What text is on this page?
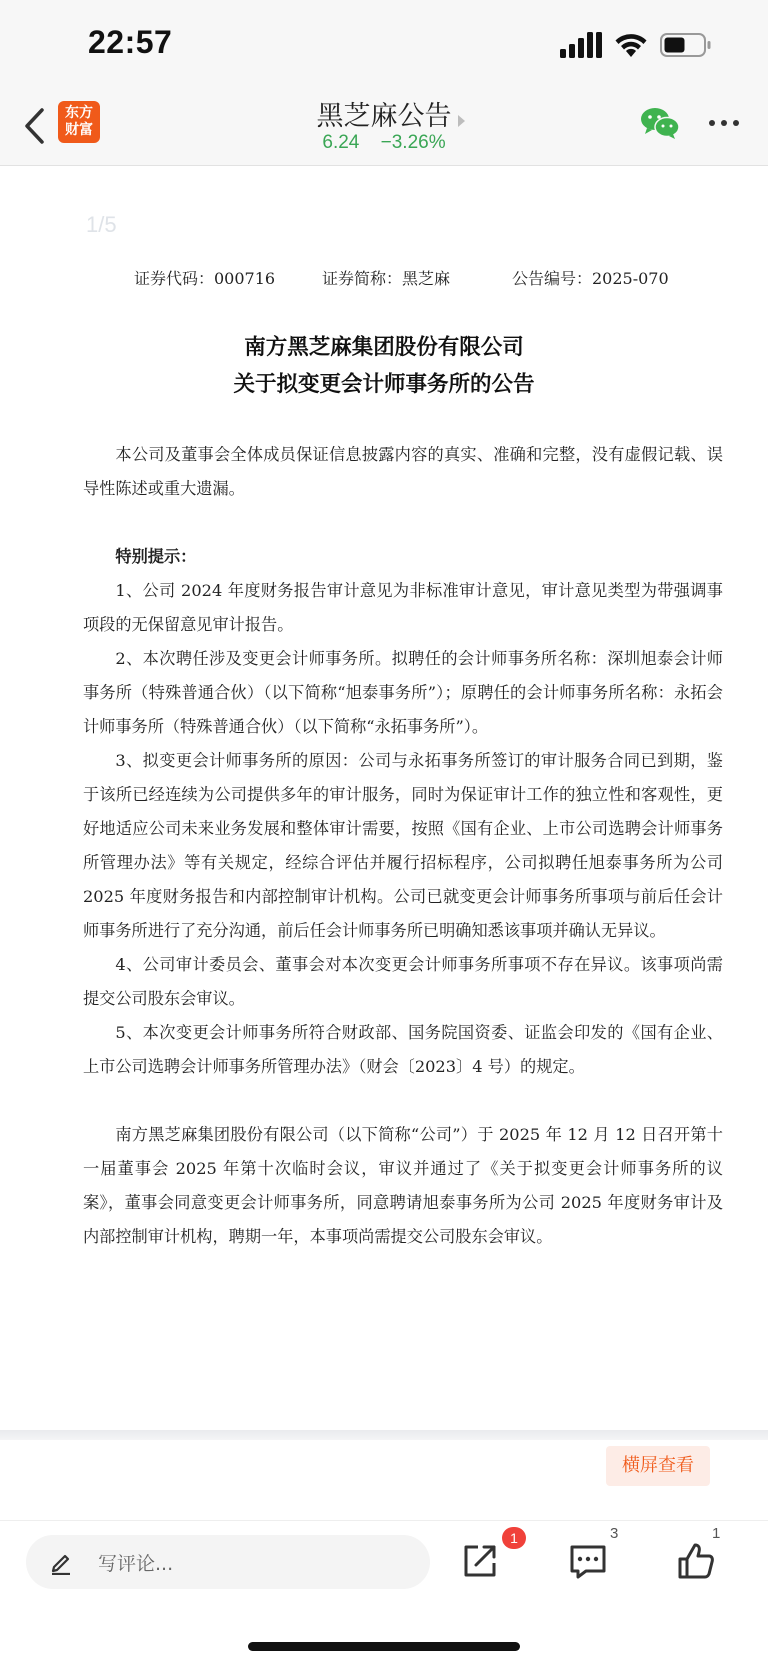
22:57
东方
财富	黑芝麻公告
6.24 −3.26%
1/5
证券代码：000716	证券简称：黑芝麻	公告编号：2025-070
南方黑芝麻集团股份有限公司
关于拟变更会计师事务所的公告

本公司及董事会全体成员保证信息披露内容的真实、准确和完整，没有虚假记载、误导性陈述或重大遗漏。

特别提示：

1、公司 2024 年度财务报告审计意见为非标准审计意见，审计意见类型为带强调事项段的无保留意见审计报告。

2、本次聘任涉及变更会计师事务所。拟聘任的会计师事务所名称：深圳旭泰会计师事务所（特殊普通合伙）（以下简称“旭泰事务所”）；原聘任的会计师事务所名称：永拓会计师事务所（特殊普通合伙）（以下简称“永拓事务所”）。

3、拟变更会计师事务所的原因：公司与永拓事务所签订的审计服务合同已到期，鉴于该所已经连续为公司提供多年的审计服务，同时为保证审计工作的独立性和客观性，更好地适应公司未来业务发展和整体审计需要，按照《国有企业、上市公司选聘会计师事务所管理办法》等有关规定，经综合评估并履行招标程序，公司拟聘任旭泰事务所为公司 2025 年度财务报告和内部控制审计机构。公司已就变更会计师事务所事项与前后任会计师事务所进行了充分沟通，前后任会计师事务所已明确知悉该事项并确认无异议。

4、公司审计委员会、董事会对本次变更会计师事务所事项不存在异议。该事项尚需提交公司股东会审议。

5、本次变更会计师事务所符合财政部、国务院国资委、证监会印发的《国有企业、上市公司选聘会计师事务所管理办法》（财会〔2023〕4 号）的规定。

南方黑芝麻集团股份有限公司（以下简称“公司”）于 2025 年 12 月 12 日召开第十一届董事会 2025 年第十次临时会议，审议并通过了《关于拟变更会计师事务所的议案》，董事会同意变更会计师事务所，同意聘请旭泰事务所为公司 2025 年度财务审计及内部控制审计机构，聘期一年，本事项尚需提交公司股东会审议。

横屏查看
写评论...
1	3	1
